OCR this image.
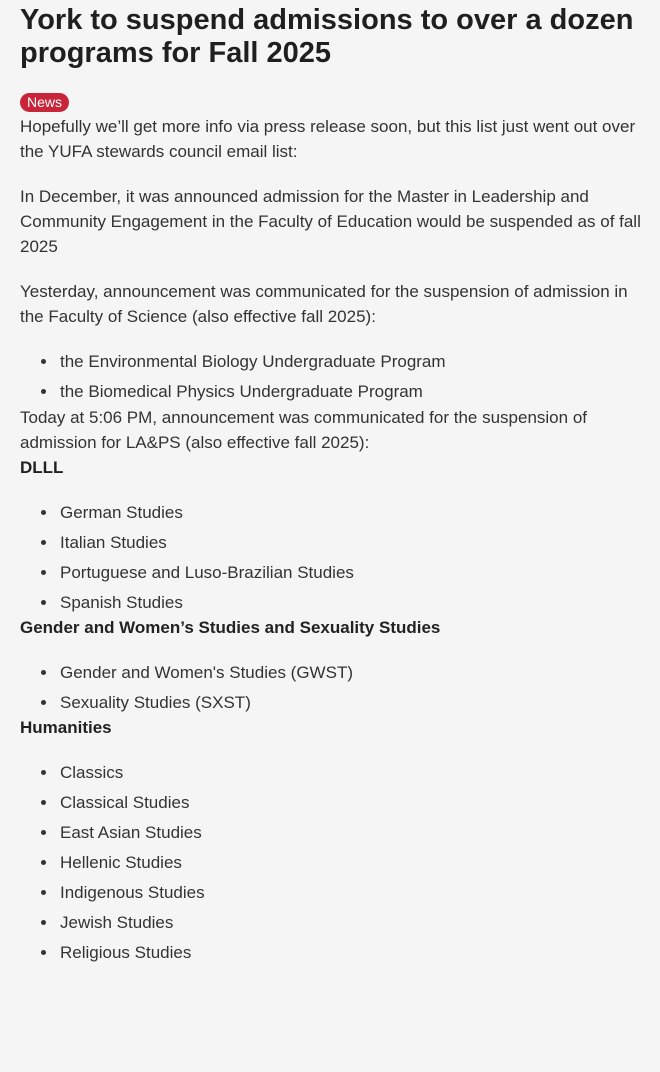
York to suspend admissions to over a dozen programs for Fall 2025
News

Hopefully we’ll get more info via press release soon, but this list just went out over the YUFA stewards council email list:

In December, it was announced admission for the Master in Leadership and Community Engagement in the Faculty of Education would be suspended as of fall 2025

Yesterday, announcement was communicated for the suspension of admission in the Faculty of Science (also effective fall 2025):

the Environmental Biology Undergraduate Program
the Biomedical Physics Undergraduate Program

Today at 5:06 PM, announcement was communicated for the suspension of admission for LA&PS (also effective fall 2025):

DLLL

German Studies
Italian Studies
Portuguese and Luso-Brazilian Studies
Spanish Studies

Gender and Women’s Studies and Sexuality Studies

Gender and Women's Studies (GWST)
Sexuality Studies (SXST)

Humanities

Classics
Classical Studies
East Asian Studies
Hellenic Studies
Indigenous Studies
Jewish Studies
Religious Studies
